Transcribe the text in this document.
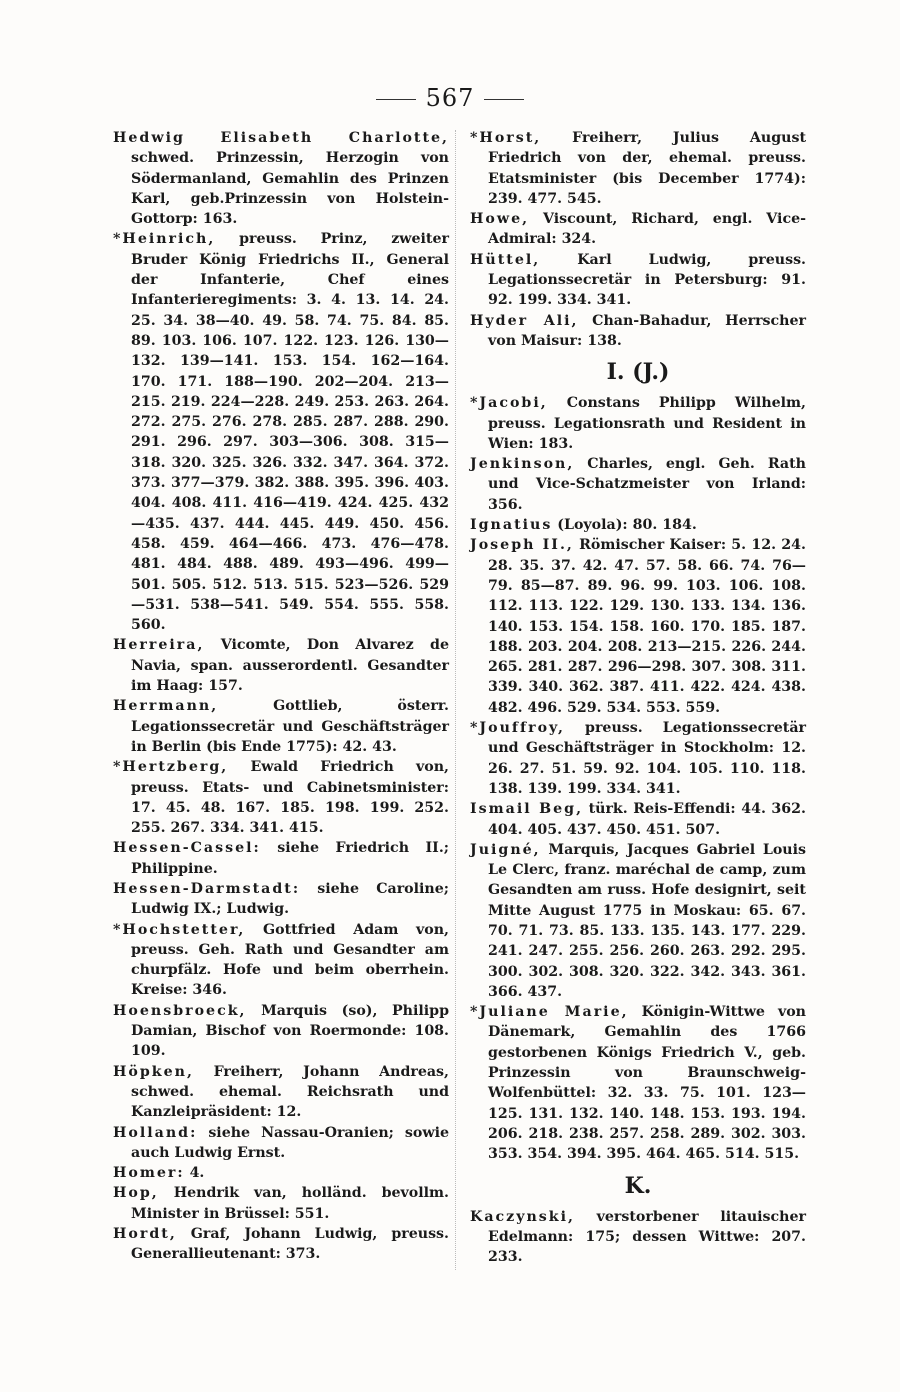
567

Hedwig Elisabeth Charlotte, schwed. Prinzessin, Herzogin von Södermanland, Gemahlin des Prinzen Karl, geb.Prinzessin von Holstein-Gottorp: 163.

*Heinrich, preuss. Prinz, zweiter Bruder König Friedrichs II., General der Infanterie, Chef eines Infanterieregiments: 3. 4. 13. 14. 24. 25. 34. 38—40. 49. 58. 74. 75. 84. 85. 89. 103. 106. 107. 122. 123. 126. 130—132. 139—141. 153. 154. 162—164. 170. 171. 188—190. 202—204. 213—215. 219. 224—228. 249. 253. 263. 264. 272. 275. 276. 278. 285. 287. 288. 290. 291. 296. 297. 303—306. 308. 315—318. 320. 325. 326. 332. 347. 364. 372. 373. 377—379. 382. 388. 395. 396. 403. 404. 408. 411. 416—419. 424. 425. 432—435. 437. 444. 445. 449. 450. 456. 458. 459. 464—466. 473. 476—478. 481. 484. 488. 489. 493—496. 499—501. 505. 512. 513. 515. 523—526. 529—531. 538—541. 549. 554. 555. 558. 560.

Herreira, Vicomte, Don Alvarez de Navia, span. ausserordentl. Gesandter im Haag: 157.

Herrmann, Gottlieb, österr. Legationssecretär und Geschäftsträger in Berlin (bis Ende 1775): 42. 43.

*Hertzberg, Ewald Friedrich von, preuss. Etats- und Cabinetsminister: 17. 45. 48. 167. 185. 198. 199. 252. 255. 267. 334. 341. 415.

Hessen-Cassel: siehe Friedrich II.; Philippine.

Hessen-Darmstadt: siehe Caroline; Ludwig IX.; Ludwig.

*Hochstetter, Gottfried Adam von, preuss. Geh. Rath und Gesandter am churpfälz. Hofe und beim oberrhein. Kreise: 346.

Hoensbroeck, Marquis (so), Philipp Damian, Bischof von Roermonde: 108. 109.

Höpken, Freiherr, Johann Andreas, schwed. ehemal. Reichsrath und Kanzleipräsident: 12.

Holland: siehe Nassau-Oranien; sowie auch Ludwig Ernst.

Homer: 4.

Hop, Hendrik van, holländ. bevollm. Minister in Brüssel: 551.

Hordt, Graf, Johann Ludwig, preuss. Generallieutenant: 373.

*Horst, Freiherr, Julius August Friedrich von der, ehemal. preuss. Etatsminister (bis December 1774): 239. 477. 545.

Howe, Viscount, Richard, engl. Vice-Admiral: 324.

Hüttel, Karl Ludwig, preuss. Legationssecretär in Petersburg: 91. 92. 199. 334. 341.

Hyder Ali, Chan-Bahadur, Herrscher von Maisur: 138.

I. (J.)

*Jacobi, Constans Philipp Wilhelm, preuss. Legationsrath und Resident in Wien: 183.

Jenkinson, Charles, engl. Geh. Rath und Vice-Schatzmeister von Irland: 356.

Ignatius (Loyola): 80. 184.

Joseph II., Römischer Kaiser: 5. 12. 24. 28. 35. 37. 42. 47. 57. 58. 66. 74. 76—79. 85—87. 89. 96. 99. 103. 106. 108. 112. 113. 122. 129. 130. 133. 134. 136. 140. 153. 154. 158. 160. 170. 185. 187. 188. 203. 204. 208. 213—215. 226. 244. 265. 281. 287. 296—298. 307. 308. 311. 339. 340. 362. 387. 411. 422. 424. 438. 482. 496. 529. 534. 553. 559.

*Jouffroy, preuss. Legationssecretär und Geschäftsträger in Stockholm: 12. 26. 27. 51. 59. 92. 104. 105. 110. 118. 138. 139. 199. 334. 341.

Ismail Beg, türk. Reis-Effendi: 44. 362. 404. 405. 437. 450. 451. 507.

Juigné, Marquis, Jacques Gabriel Louis Le Clerc, franz. maréchal de camp, zum Gesandten am russ. Hofe designirt, seit Mitte August 1775 in Moskau: 65. 67. 70. 71. 73. 85. 133. 135. 143. 177. 229. 241. 247. 255. 256. 260. 263. 292. 295. 300. 302. 308. 320. 322. 342. 343. 361. 366. 437.

*Juliane Marie, Königin-Wittwe von Dänemark, Gemahlin des 1766 gestorbenen Königs Friedrich V., geb. Prinzessin von Braunschweig-Wolfenbüttel: 32. 33. 75. 101. 123—125. 131. 132. 140. 148. 153. 193. 194. 206. 218. 238. 257. 258. 289. 302. 303. 353. 354. 394. 395. 464. 465. 514. 515.

K.

Kaczynski, verstorbener litauischer Edelmann: 175; dessen Wittwe: 207. 233.
